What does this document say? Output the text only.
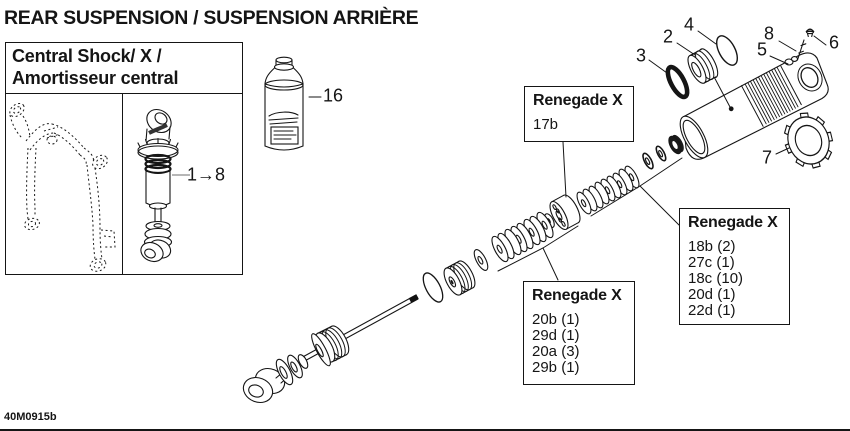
REAR SUSPENSION / SUSPENSION ARRIÈRE
Central Shock/ X /
Amortisseur central
1→8
2
3
4
5	6
7
8
16	Renegade X
17b
Renegade X
18b (2)
27c (1)
18c (10)
20d (1)
22d (1)
Renegade X
20b (1)
29d (1)
20a (3)
29b (1)
40M0915b
